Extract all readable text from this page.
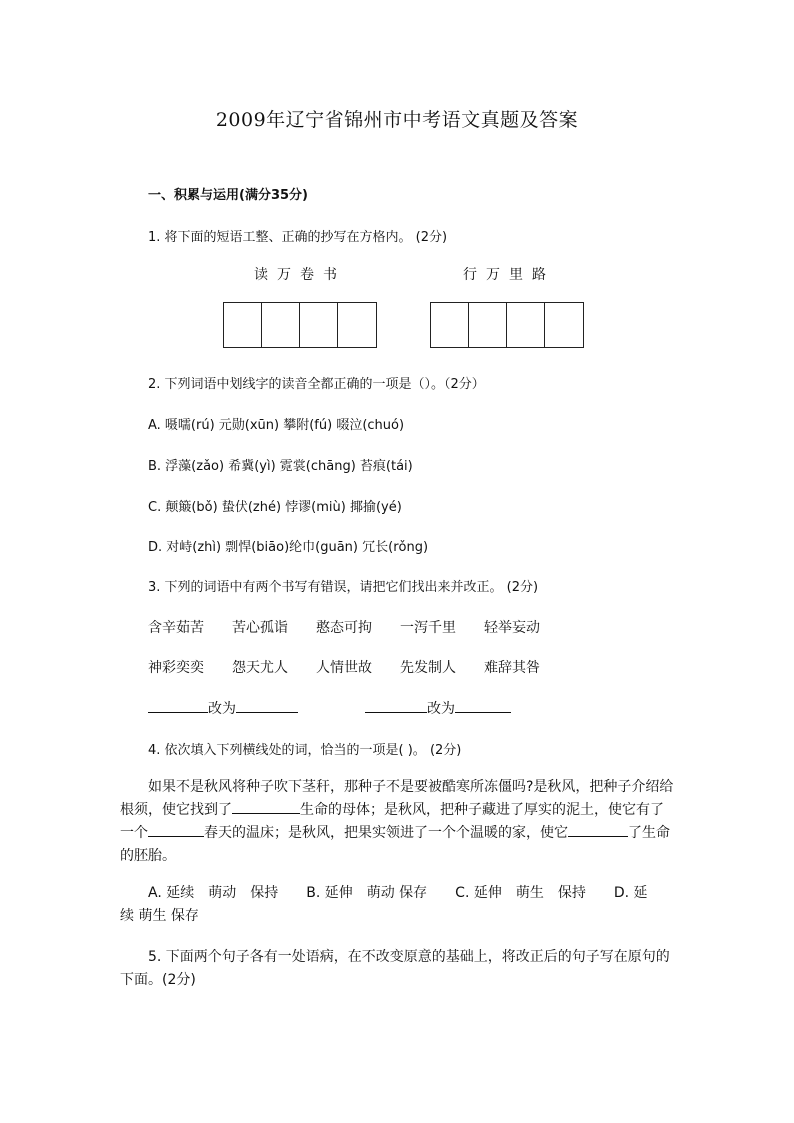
2009年辽宁省锦州市中考语文真题及答案
一、积累与运用(满分35分)
1. 将下面的短语工整、正确的抄写在方格内。 (2分)
读万卷书	行万里路
2. 下列词语中划线字的读音全都正确的一项是（）。（2分）
A. 嗫嚅(rú) 元勋(xūn) 攀附(fú) 啜泣(chuó)
B. 浮藻(zǎo) 希冀(yì) 霓裳(chāng) 苔痕(tái)
C. 颠簸(bǒ) 蛰伏(zhé) 悖谬(miù) 揶揄(yé)
D. 对峙(zhì) 剽悍(biāo)纶巾(guān) 冗长(rǒng)
3. 下列的词语中有两个书写有错误，请把它们找出来并改正。 (2分)
含辛茹苦	苦心孤诣	憨态可拘	一泻千里	轻举妄动
神彩奕奕	怨天尤人	人情世故	先发制人	难辞其咎
改为	改为
4. 依次填入下列横线处的词，恰当的一项是( )。 (2分)
如果不是秋风将种子吹下茎秆，那种子不是要被酷寒所冻僵吗?是秋风，把种子介绍给
根须，使它找到了	生命的母体；是秋风，把种子藏进了厚实的泥土，使它有了
一个	春天的温床；是秋风，把果实领进了一个个温暖的家，使它	了生命
的胚胎。
A. 延续　萌动　保持　　B. 延伸　萌动 保存　　C. 延伸　萌生　保持　　D. 延
续 萌生 保存
5. 下面两个句子各有一处语病，在不改变原意的基础上，将改正后的句子写在原句的
下面。(2分)
